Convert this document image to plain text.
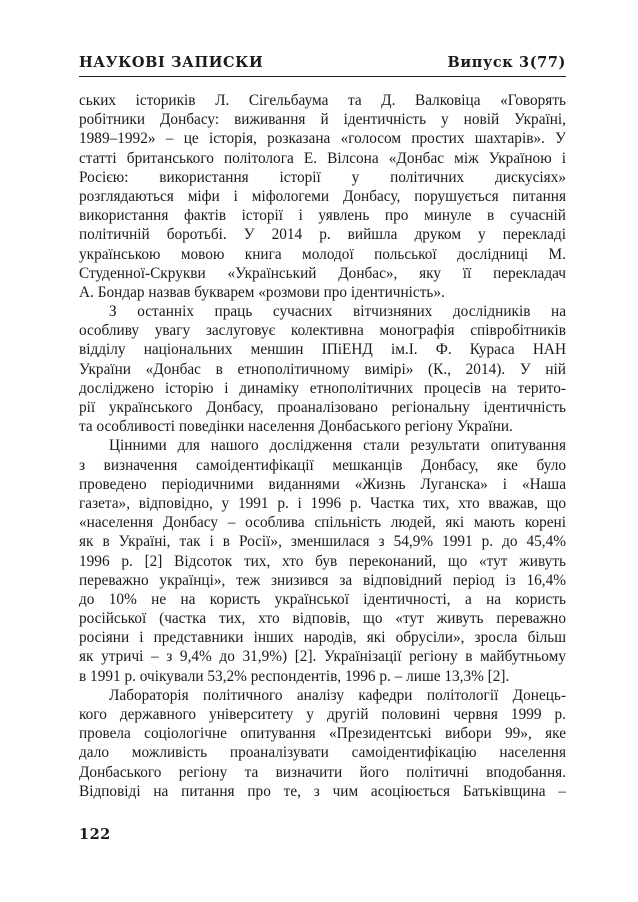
НАУКОВІ ЗАПИСКИ	Випуск 3(77)
ських істориків Л. Сігельбаума та Д. Валковіца «Говорять
робітники Донбасу: виживання й ідентичність у новій Україні,
1989–1992» – це історія, розказана «голосом простих шахтарів». У
статті британського політолога Е. Вілсона «Донбас між Україною і
Росією: використання історії у політичних дискусіях»
розглядаються міфи і міфологеми Донбасу, порушується питання
використання фактів історії і уявлень про минуле в сучасній
політичній боротьбі. У 2014 р. вийшла друком у перекладі
українською мовою книга молодої польської дослідниці М.
Студенної-Скрукви «Український Донбас», яку її перекладач
А. Бондар назвав букварем «розмови про ідентичність».
З останніх праць сучасних вітчизняних дослідників на
особливу увагу заслуговує колективна монографія співробітників
відділу національних меншин ІПіЕНД ім.І. Ф. Кураса НАН
України «Донбас в етнополітичному вимірі» (К., 2014). У ній
досліджено історію і динаміку етнополітичних процесів на терито-
рії українського Донбасу, проаналізовано регіональну ідентичність
та особливості поведінки населення Донбаського регіону України.
Цінними для нашого дослідження стали результати опитування
з визначення самоідентифікації мешканців Донбасу, яке було
проведено періодичними виданнями «Жизнь Луганска» і «Наша
газета», відповідно, у 1991 р. і 1996 р. Частка тих, хто вважав, що
«населення Донбасу – особлива спільність людей, які мають корені
як в Україні, так і в Росії», зменшилася з 54,9% 1991 р. до 45,4%
1996 р. [2] Відсоток тих, хто був переконаний, що «тут живуть
переважно українці», теж знизився за відповідний період із 16,4%
до 10% не на користь української ідентичності, а на користь
російської (частка тих, хто відповів, що «тут живуть переважно
росіяни і представники інших народів, які обрусіли», зросла більш
як утричі – з 9,4% до 31,9%) [2]. Українізації регіону в майбутньому
в 1991 р. очікували 53,2% респондентів, 1996 р. – лише 13,3% [2].
Лабораторія політичного аналізу кафедри політології Донець-
кого державного університету у другій половині червня 1999 р.
провела соціологічне опитування «Президентські вибори 99», яке
дало можливість проаналізувати самоідентифікацію населення
Донбаського регіону та визначити його політичні вподобання.
Відповіді на питання про те, з чим асоціюється Батьківщина –
122
